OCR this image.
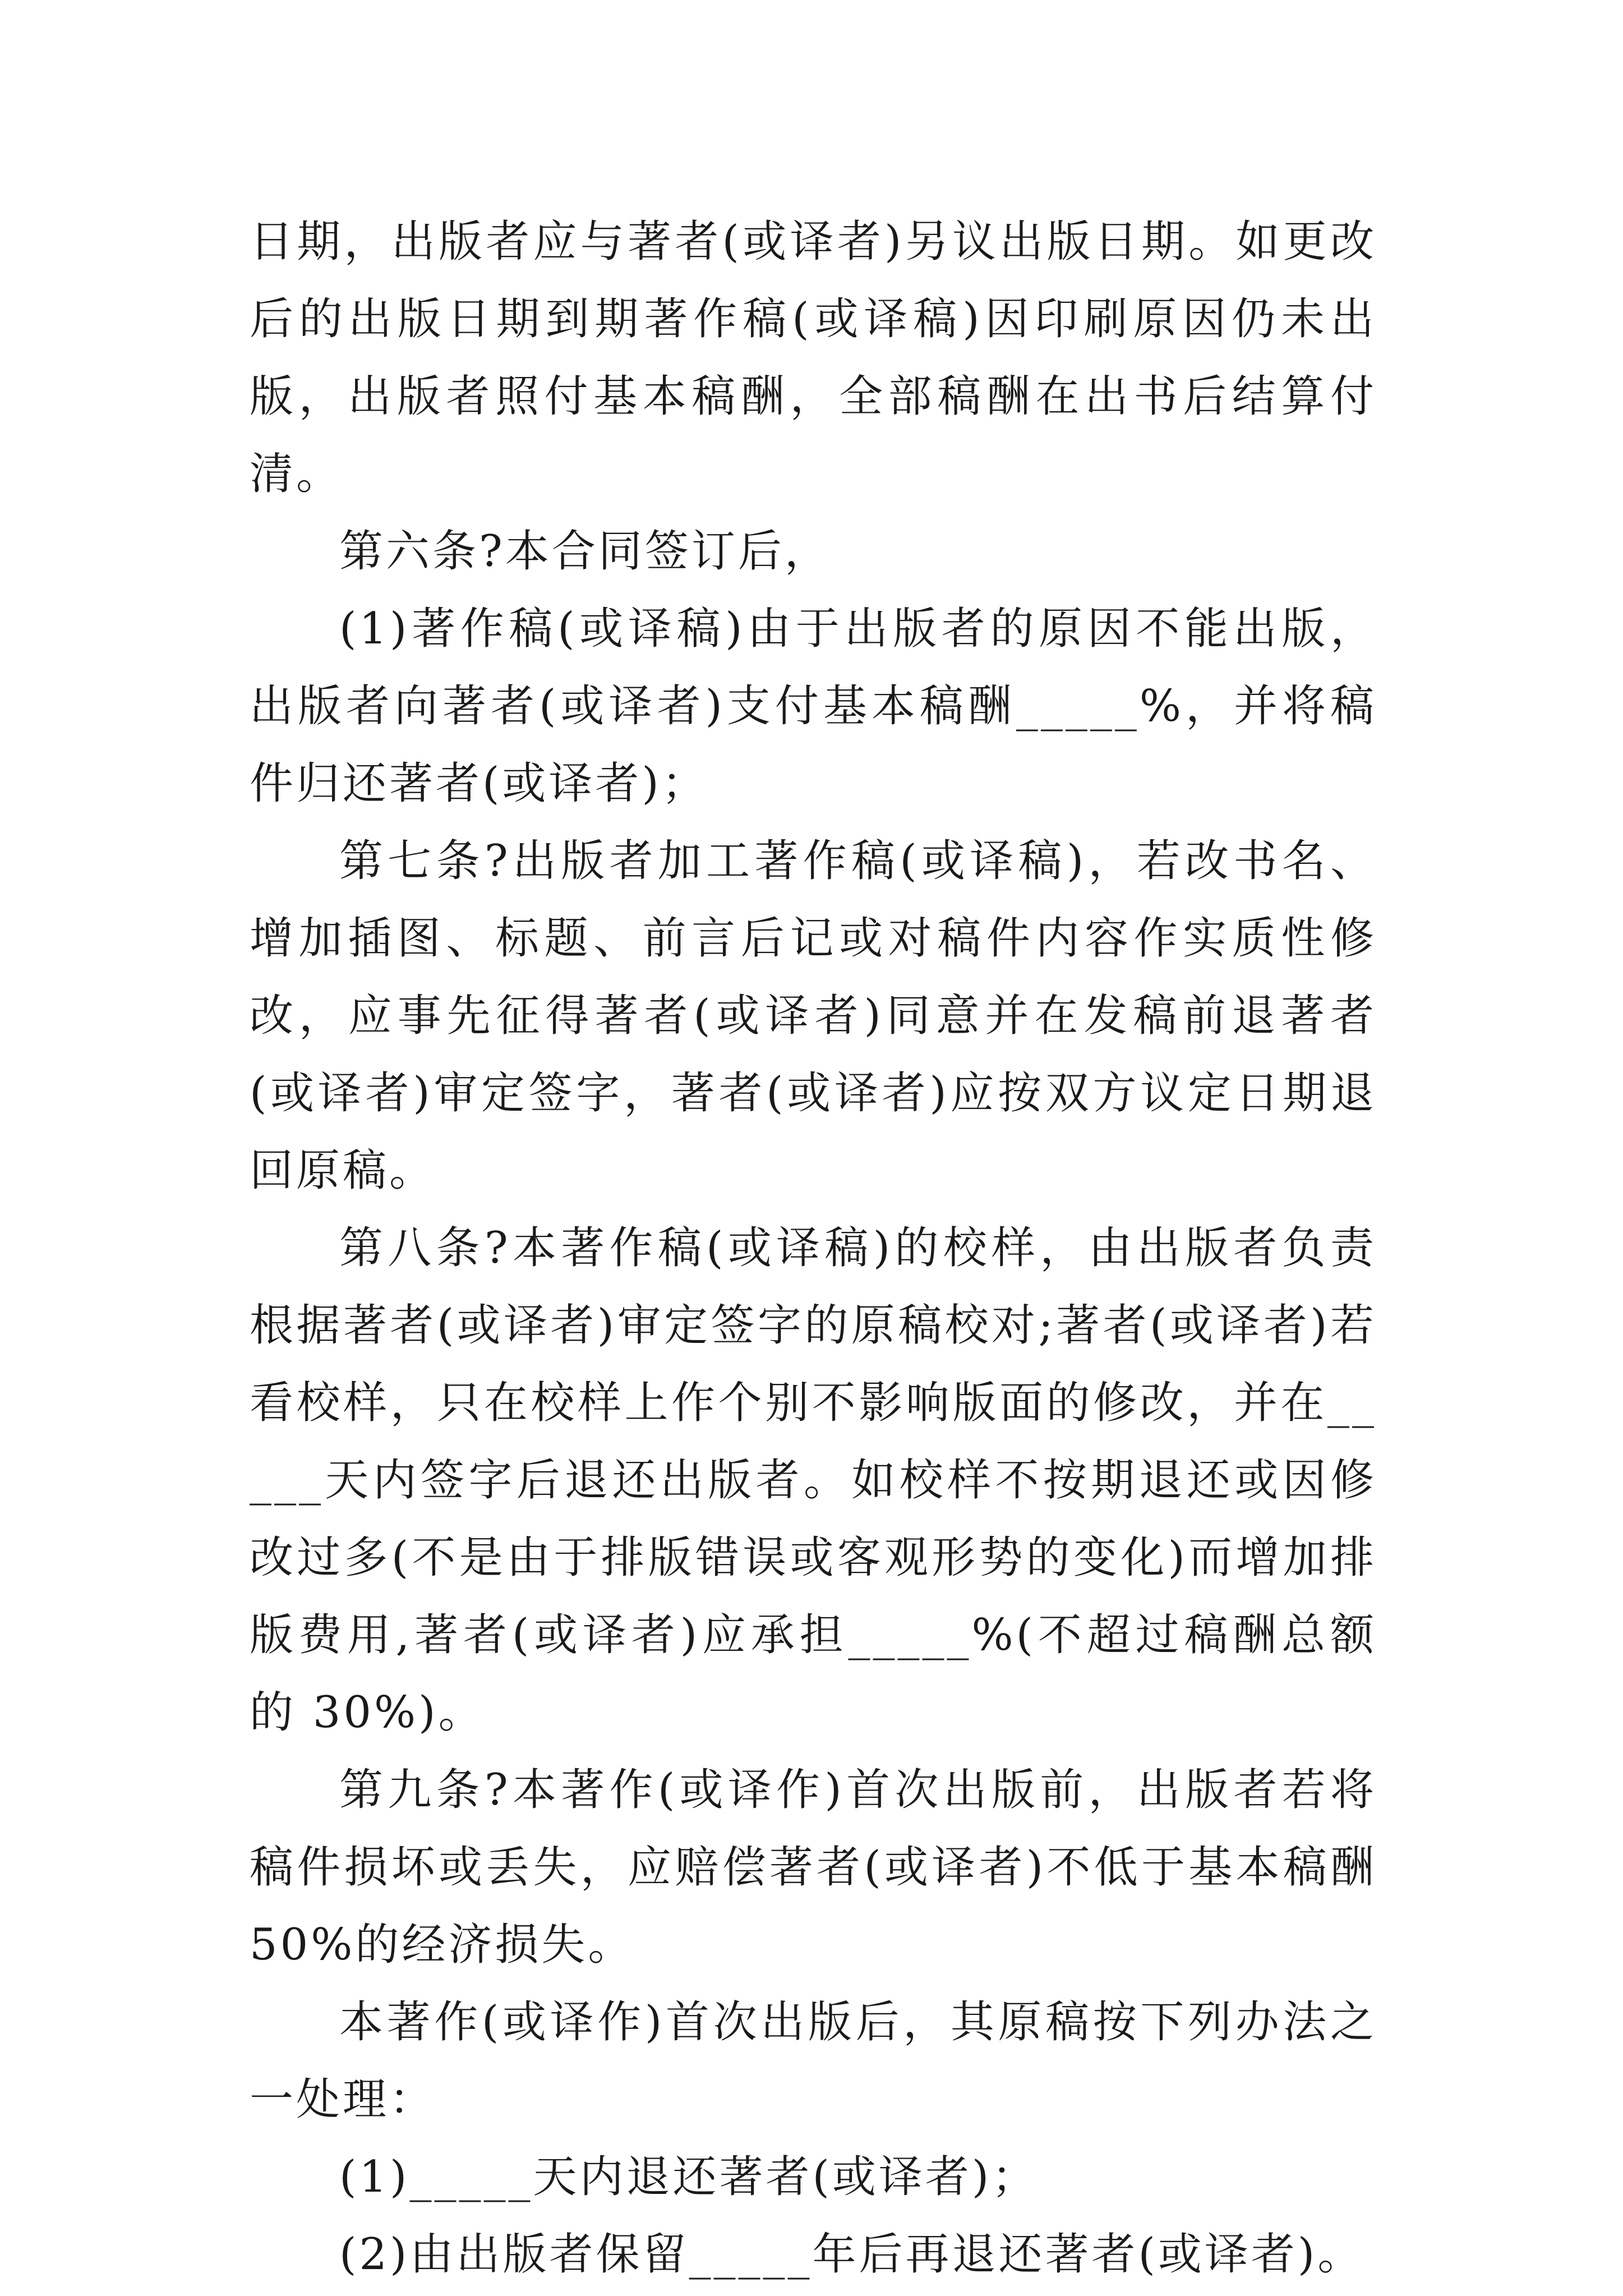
日期，出版者应与著者(或译者)另议出版日期。如更改后的出版日期到期著作稿(或译稿)因印刷原因仍未出版，出版者照付基本稿酬，全部稿酬在出书后结算付清。

第六条?本合同签订后，

(1)著作稿(或译稿)由于出版者的原因不能出版，出版者向著者(或译者)支付基本稿酬_____%，并将稿件归还著者(或译者)；

第七条?出版者加工著作稿(或译稿)，若改书名、增加插图、标题、前言后记或对稿件内容作实质性修改，应事先征得著者(或译者)同意并在发稿前退著者(或译者)审定签字，著者(或译者)应按双方议定日期退回原稿。

第八条?本著作稿(或译稿)的校样，由出版者负责根据著者(或译者)审定签字的原稿校对;著者(或译者)若看校样，只在校样上作个别不影响版面的修改，并在_____天内签字后退还出版者。如校样不按期退还或因修改过多(不是由于排版错误或客观形势的变化)而增加排版费用,著者(或译者)应承担_____%(不超过稿酬总额的 30%)。

第九条?本著作(或译作)首次出版前，出版者若将稿件损坏或丢失，应赔偿著者(或译者)不低于基本稿酬 50%的经济损失。

本著作(或译作)首次出版后，其原稿按下列办法之一处理：

(1)_____天内退还著者(或译者)；

(2)由出版者保留_____年后再退还著者(或译者)。
